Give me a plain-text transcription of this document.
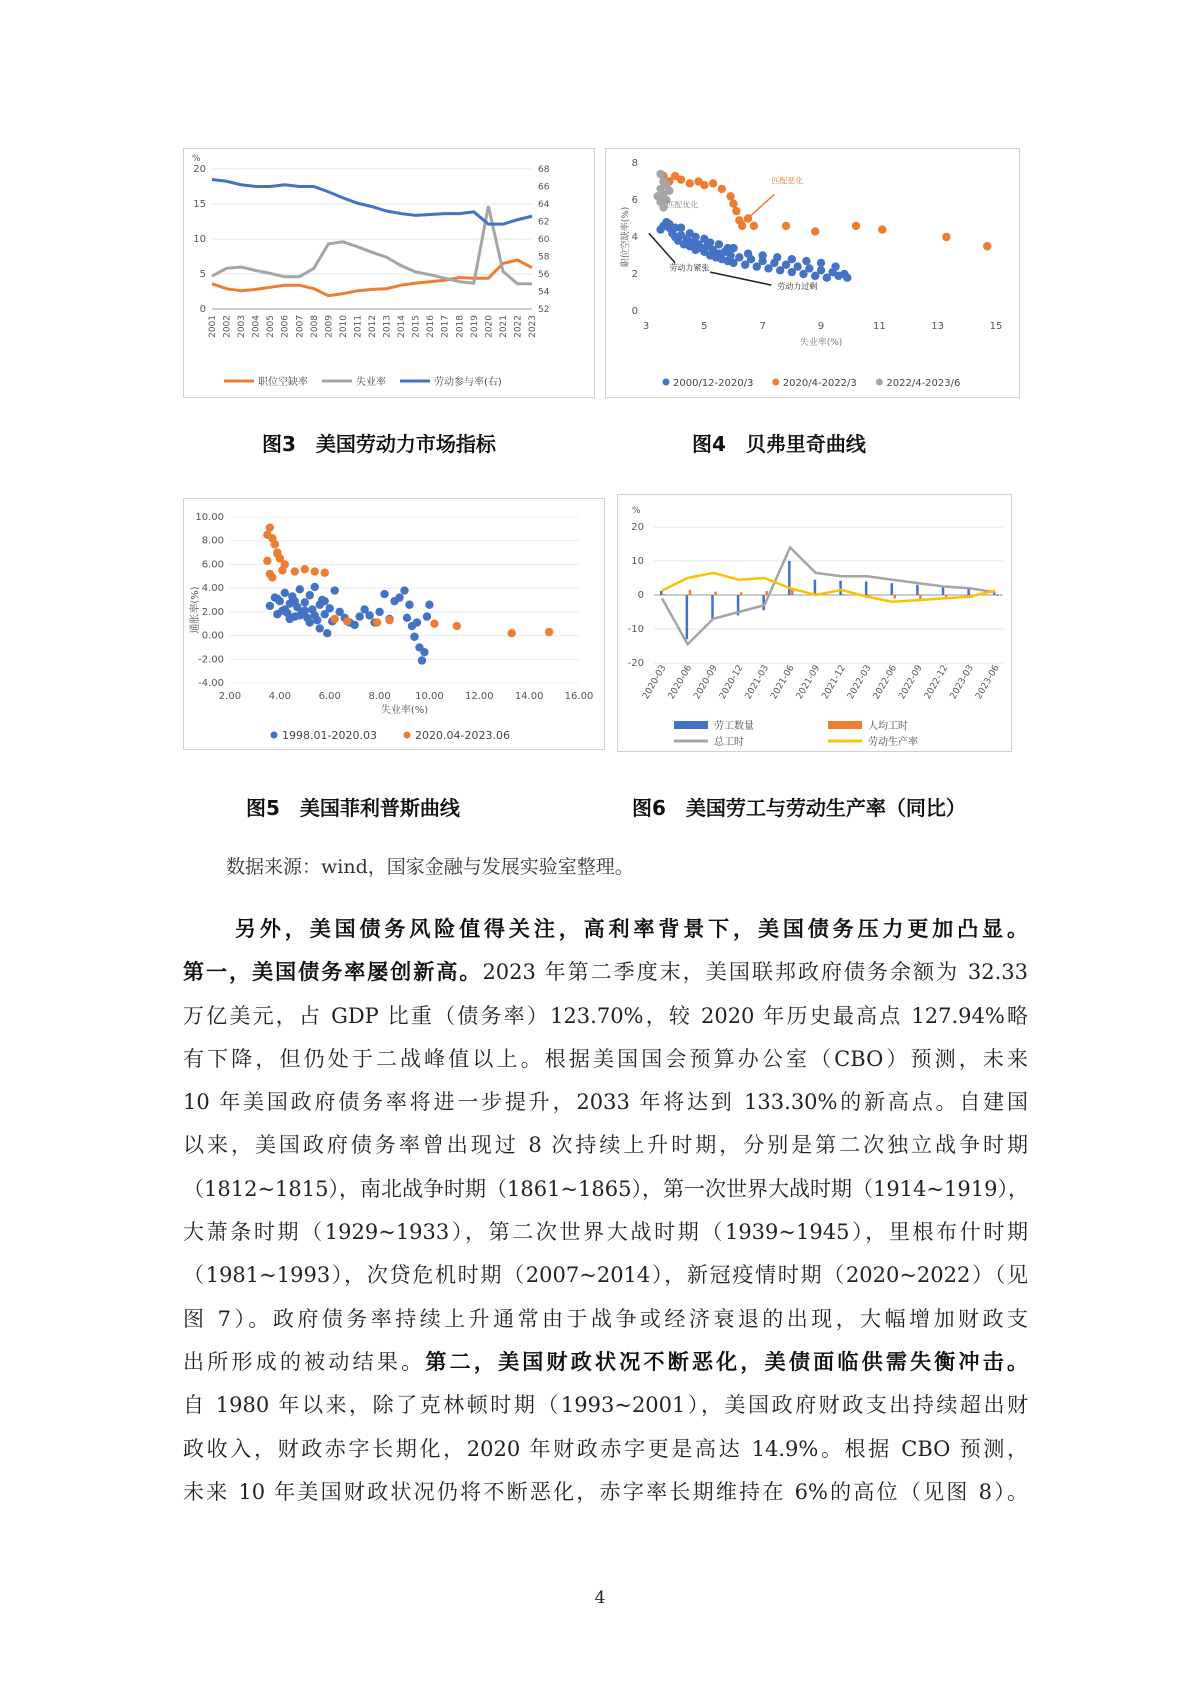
%
0
5
10
15
20
52
54
56
58
60
62
64
66
68
2001 2002 2003 2004 2005 2006 2007 2008 2009 2010 2011 2012 2013 2014 2015 2016 2017 2018 2019 2020 2021 2022 2023
职位空缺率	失业率	劳动参与率(右)
0
2
4
6
8
3	5	7	9	11	13	15
职位空缺率(%)
失业率(%)
匹配恶化
匹配优化
劳动力紧张
劳动力过剩
2000/12-2020/3	2020/4-2022/3	2022/4-2023/6
图3　美国劳动力市场指标	图4　贝弗里奇曲线
-4.00
-2.00
0.00
2.00
4.00
6.00
8.00
10.00
2.00	4.00	6.00	8.00 10.00 12.00 14.00 16.00
通胀率(%)
失业率(%)
1998.01-2020.03	2020.04-2023.06
%
-20
-10
0
10
20
2020-03
2020-06
2020-09
2020-12
2021-03
2021-06
2021-09
2021-12
2022-03
2022-06
2022-09
2022-12
2023-03
2023-06
劳工数量	人均工时
总工时	劳动生产率
图5　美国菲利普斯曲线	图6　美国劳工与劳动生产率（同比）
数据来源：wind，国家金融与发展实验室整理。
另外，美国债务风险值得关注，高利率背景下，美国债务压力更加凸显。
第一，美国债务率屡创新高。2023 年第二季度末，美国联邦政府债务余额为 32.33
万亿美元，占 GDP 比重（债务率）123.70%，较 2020 年历史最高点 127.94%略
有下降，但仍处于二战峰值以上。根据美国国会预算办公室（CBO）预测，未来
10 年美国政府债务率将进一步提升，2033 年将达到 133.30%的新高点。自建国
以来，美国政府债务率曾出现过 8 次持续上升时期，分别是第二次独立战争时期
（1812~1815），南北战争时期（1861~1865），第一次世界大战时期（1914~1919），
大萧条时期（1929~1933），第二次世界大战时期（1939~1945），里根布什时期
（1981~1993），次贷危机时期（2007~2014），新冠疫情时期（2020~2022）（见
图 7）。政府债务率持续上升通常由于战争或经济衰退的出现，大幅增加财政支
出所形成的被动结果。第二，美国财政状况不断恶化，美债面临供需失衡冲击。
自 1980 年以来，除了克林顿时期（1993~2001），美国政府财政支出持续超出财
政收入，财政赤字长期化，2020 年财政赤字更是高达 14.9%。根据 CBO 预测，
未来 10 年美国财政状况仍将不断恶化，赤字率长期维持在 6%的高位（见图 8）。
4
